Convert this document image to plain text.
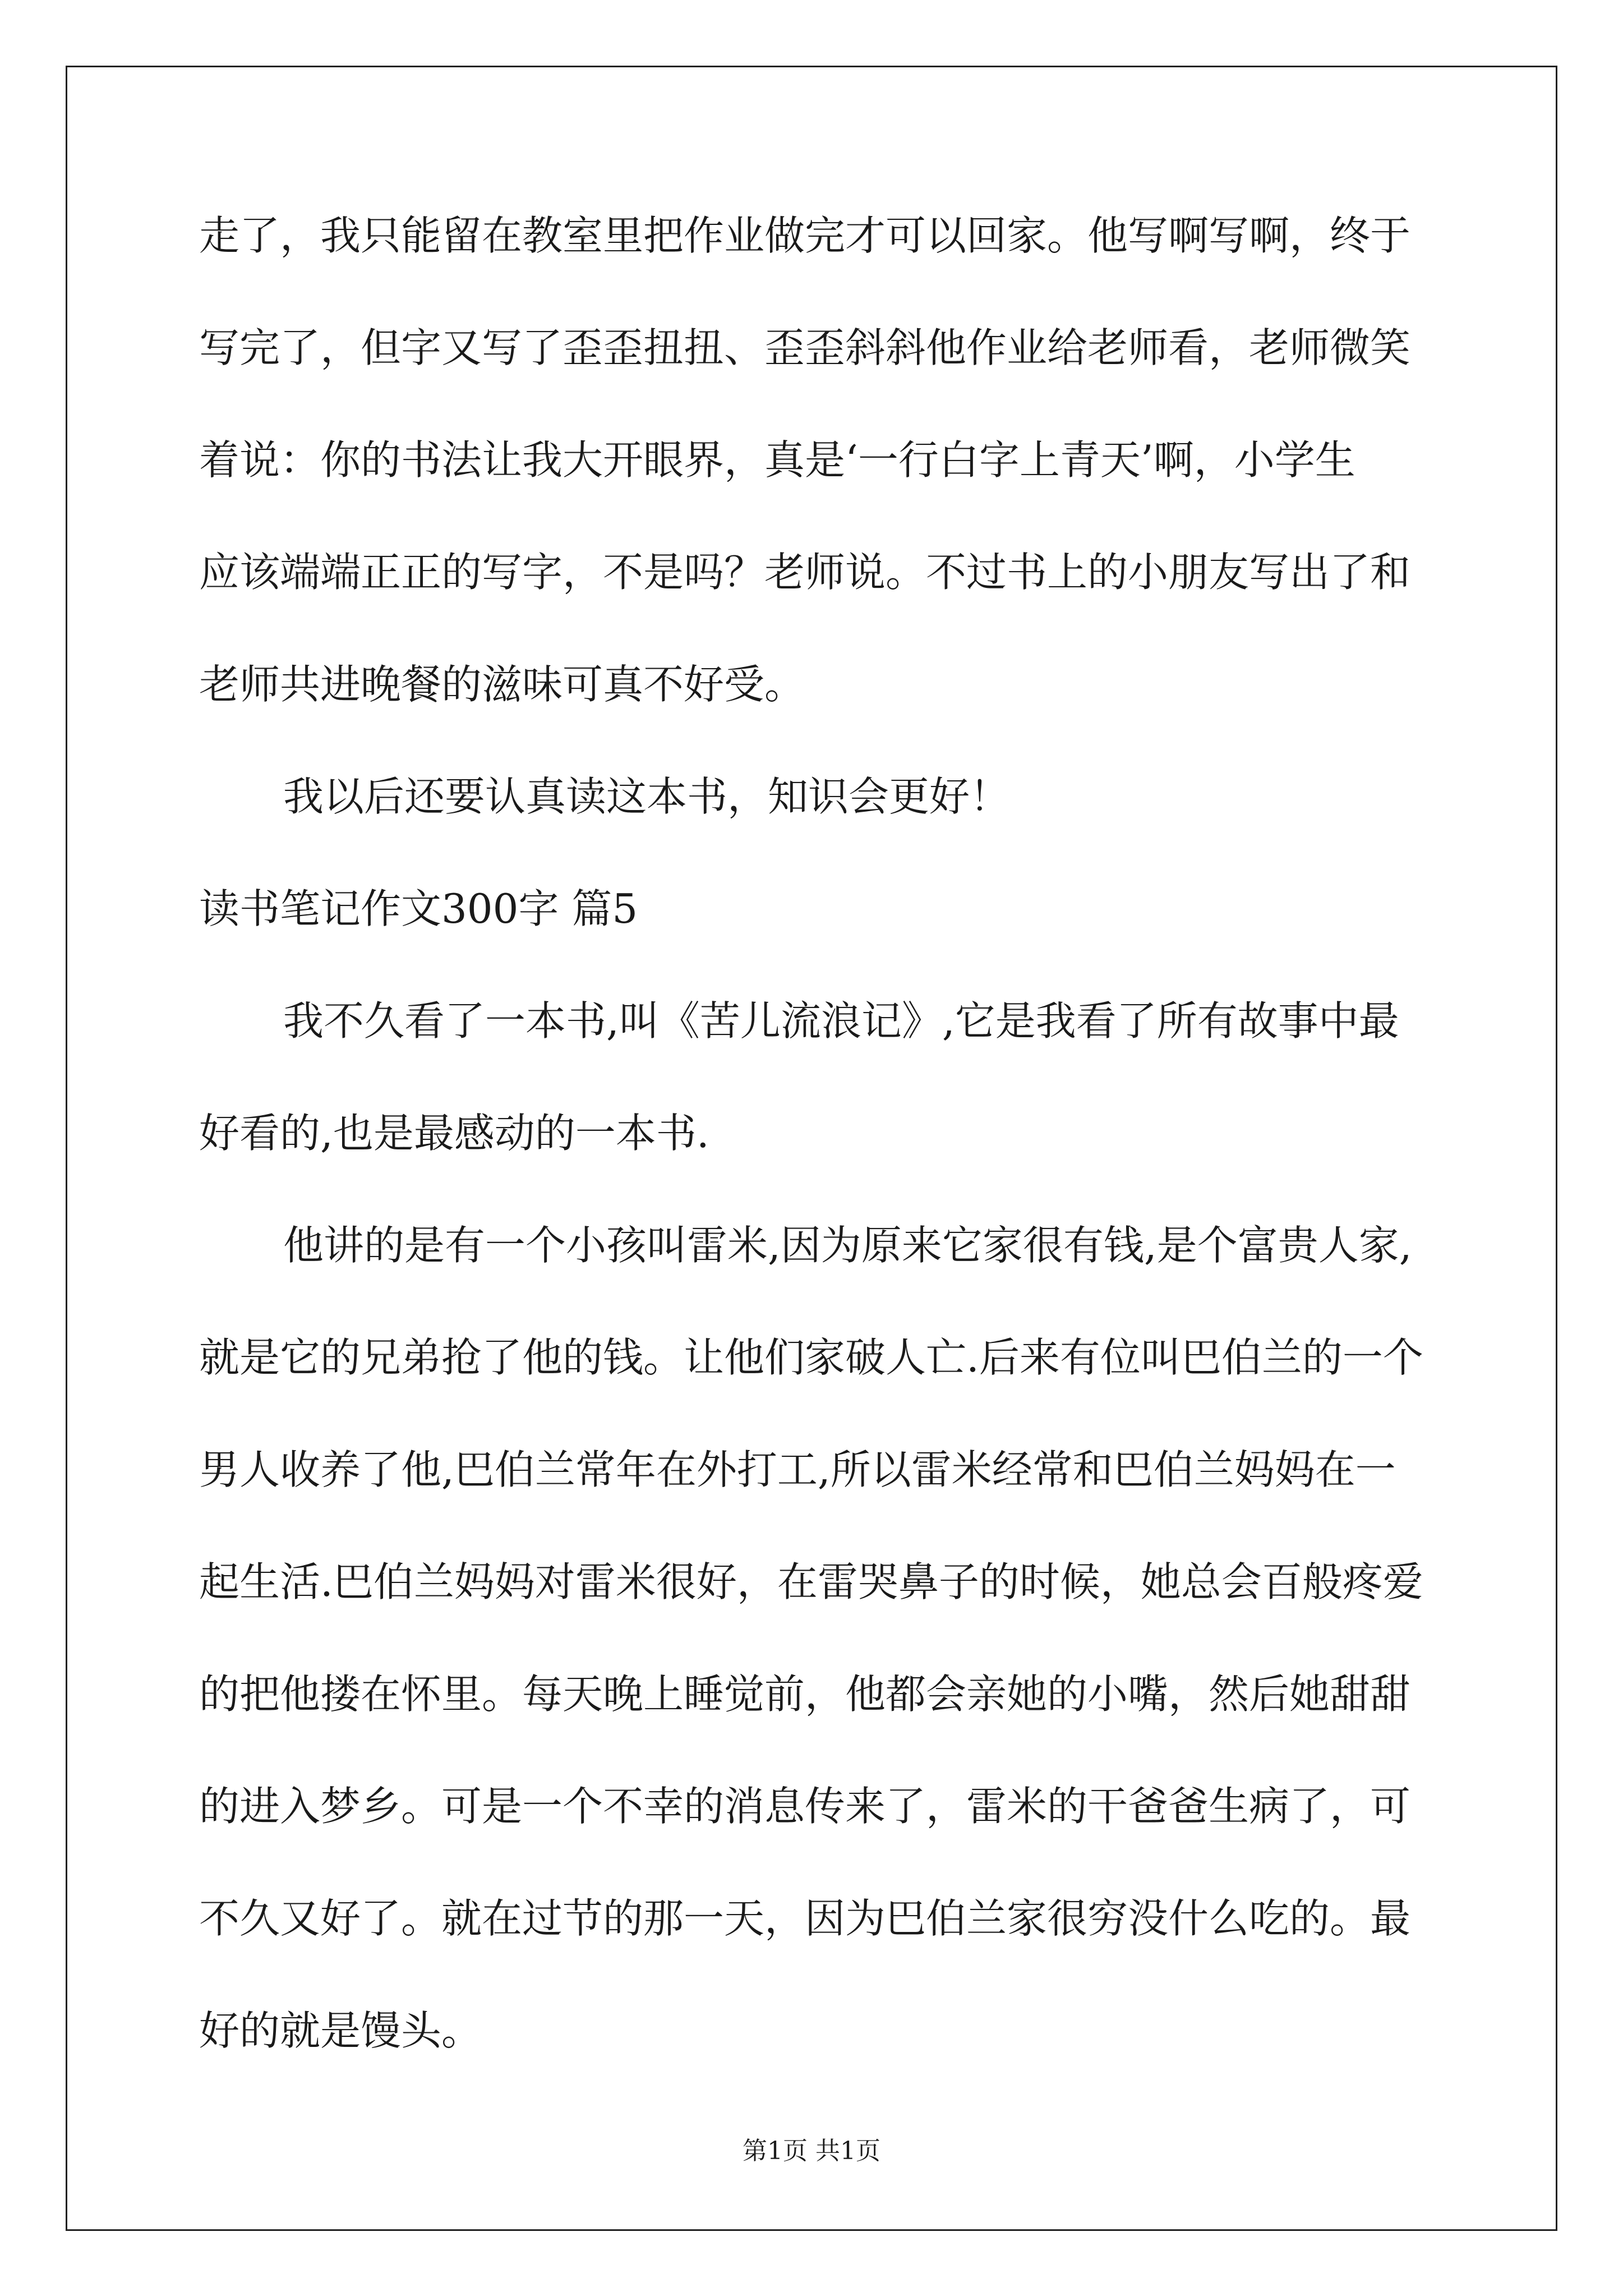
走了，我只能留在教室里把作业做完才可以回家。他写啊写啊，终于
写完了，但字又写了歪歪扭扭、歪歪斜斜他作业给老师看，老师微笑
着说：你的书法让我大开眼界，真是‘一行白字上青天’啊，小学生
应该端端正正的写字，不是吗？老师说。不过书上的小朋友写出了和
老师共进晚餐的滋味可真不好受。
我以后还要认真读这本书，知识会更好！
读书笔记作文300字 篇5
我不久看了一本书,叫《苦儿流浪记》,它是我看了所有故事中最
好看的,也是最感动的一本书.
他讲的是有一个小孩叫雷米,因为原来它家很有钱,是个富贵人家,
就是它的兄弟抢了他的钱。让他们家破人亡.后来有位叫巴伯兰的一个
男人收养了他,巴伯兰常年在外打工,所以雷米经常和巴伯兰妈妈在一
起生活.巴伯兰妈妈对雷米很好，在雷哭鼻子的时候，她总会百般疼爱
的把他搂在怀里。每天晚上睡觉前，他都会亲她的小嘴，然后她甜甜
的进入梦乡。可是一个不幸的消息传来了，雷米的干爸爸生病了，可
不久又好了。就在过节的那一天，因为巴伯兰家很穷没什么吃的。最
好的就是馒头。
第1页 共1页
